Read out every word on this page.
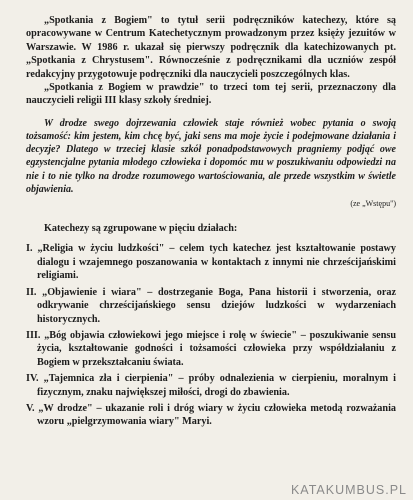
„Spotkania z Bogiem" to tytuł serii podręczników katechezy, które są opracowywane w Centrum Katechetycznym prowadzonym przez księży jezuitów w Warszawie. W 1986 r. ukazał się pierwszy podręcznik dla katechizowanych pt. „Spotkania z Chrystusem". Równocześnie z podręcznikami dla uczniów zespół redakcyjny przygotowuje podręczniki dla nauczycieli poszczególnych klas.

„Spotkania z Bogiem w prawdzie" to trzeci tom tej serii, przeznaczony dla nauczycieli religii III klasy szkoły średniej.

W drodze swego dojrzewania człowiek staje również wobec pytania o swoją tożsamość: kim jestem, kim chcę być, jaki sens ma moje życie i podejmowane działania i decyzje? Dlatego w trzeciej klasie szkół ponadpodstawowych pragniemy podjąć owe egzystencjalne pytania młodego człowieka i dopomóc mu w poszukiwaniu odpowiedzi na nie i to nie tylko na drodze rozumowego wartościowania, ale przede wszystkim w świetle objawienia.

(ze „Wstępu")

Katechezy są zgrupowane w pięciu działach:

I. „Religia w życiu ludzkości" – celem tych katechez jest kształtowanie postawy dialogu i wzajemnego poszanowania w kontaktach z innymi nie chrześcijańskimi religiami.

II. „Objawienie i wiara" – dostrzeganie Boga, Pana historii i stworzenia, oraz odkrywanie chrześcijańskiego sensu dziejów ludzkości w wydarzeniach historycznych.

III. „Bóg objawia człowiekowi jego miejsce i rolę w świecie" – poszukiwanie sensu życia, kształtowanie godności i tożsamości człowieka przy współdziałaniu z Bogiem w przekształcaniu świata.

IV. „Tajemnica zła i cierpienia" – próby odnalezienia w cierpieniu, moralnym i fizycznym, znaku największej miłości, drogi do zbawienia.

V. „W drodze" – ukazanie roli i dróg wiary w życiu człowieka metodą rozważania wzoru „pielgrzymowania wiary" Maryi.

KATAKUMBUS.PL
